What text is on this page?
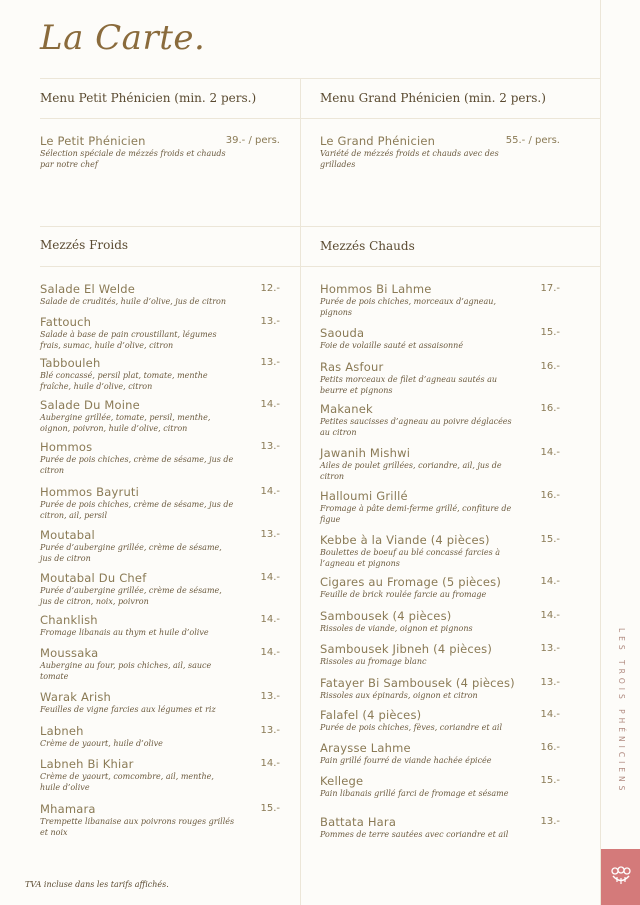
La Carte.
Menu Petit Phénicien (min. 2 pers.)	Menu Grand Phénicien (min. 2 pers.)
Le Petit Phénicien	39.- / pers.
Sélection spéciale de mézzés froids et chauds par notre chef
Le Grand Phénicien	55.- / pers.
Variété de mézzés froids et chauds avec des grillades
Mezzés Froids	Mezzés Chauds
Salade El Welde	12.-
Salade de crudités, huile d’olive, jus de citron
Fattouch	13.-
Salade à base de pain croustillant, légumes frais, sumac, huile d’olive, citron
Tabbouleh	13.-
Blé concassé, persil plat, tomate, menthe fraîche, huile d’olive, citron
Salade Du Moine	14.-
Aubergine grillée, tomate, persil, menthe, oignon, poivron, huile d’olive, citron
Hommos	13.-
Purée de pois chiches, crème de sésame, jus de citron
Hommos Bayruti	14.-
Purée de pois chiches, crème de sésame, jus de citron, ail, persil
Moutabal	13.-
Purée d’aubergine grillée, crème de sésame, jus de citron
Moutabal Du Chef	14.-
Purée d’aubergine grillée, crème de sésame, jus de citron, noix, poivron
Chanklish	14.-
Fromage libanais au thym et huile d’olive
Moussaka	14.-
Aubergine au four, pois chiches, ail, sauce tomate
Warak Arish	13.-
Feuilles de vigne farcies aux légumes et riz
Labneh	13.-
Crème de yaourt, huile d’olive
Labneh Bi Khiar	14.-
Crème de yaourt, comcombre, ail, menthe, huile d’olive
Mhamara	15.-
Trempette libanaise aux poivrons rouges grillés et noix
Hommos Bi Lahme	17.-
Purée de pois chiches, morceaux d’agneau, pignons
Saouda	15.-
Foie de volaille sauté et assaisonné
Ras Asfour	16.-
Petits morceaux de filet d’agneau sautés au beurre et pignons
Makanek	16.-
Petites saucisses d’agneau au poivre déglacées au citron
Jawanih Mishwi	14.-
Ailes de poulet grillées, coriandre, ail, jus de citron
Halloumi Grillé	16.-
Fromage à pâte demi-ferme grillé, confiture de figue
Kebbe à la Viande (4 pièces)	15.-
Boulettes de boeuf au blé concassé farcies à l’agneau et pignons
Cigares au Fromage (5 pièces)	14.-
Feuille de brick roulée farcie au fromage
Sambousek (4 pièces)	14.-
Rissoles de viande, oignon et pignons
Sambousek Jibneh (4 pièces)	13.-
Rissoles au fromage blanc
Fatayer Bi Sambousek (4 pièces)	13.-
Rissoles aux épinards, oignon et citron
Falafel (4 pièces)	14.-
Purée de pois chiches, fèves, coriandre et ail
Araysse Lahme	16.-
Pain grillé fourré de viande hachée épicée
Kellege	15.-
Pain libanais grillé farci de fromage et sésame
Battata Hara	13.-
Pommes de terre sautées avec coriandre et ail
TVA incluse dans les tarifs affichés.
LES TROIS PHÉNICIENS
